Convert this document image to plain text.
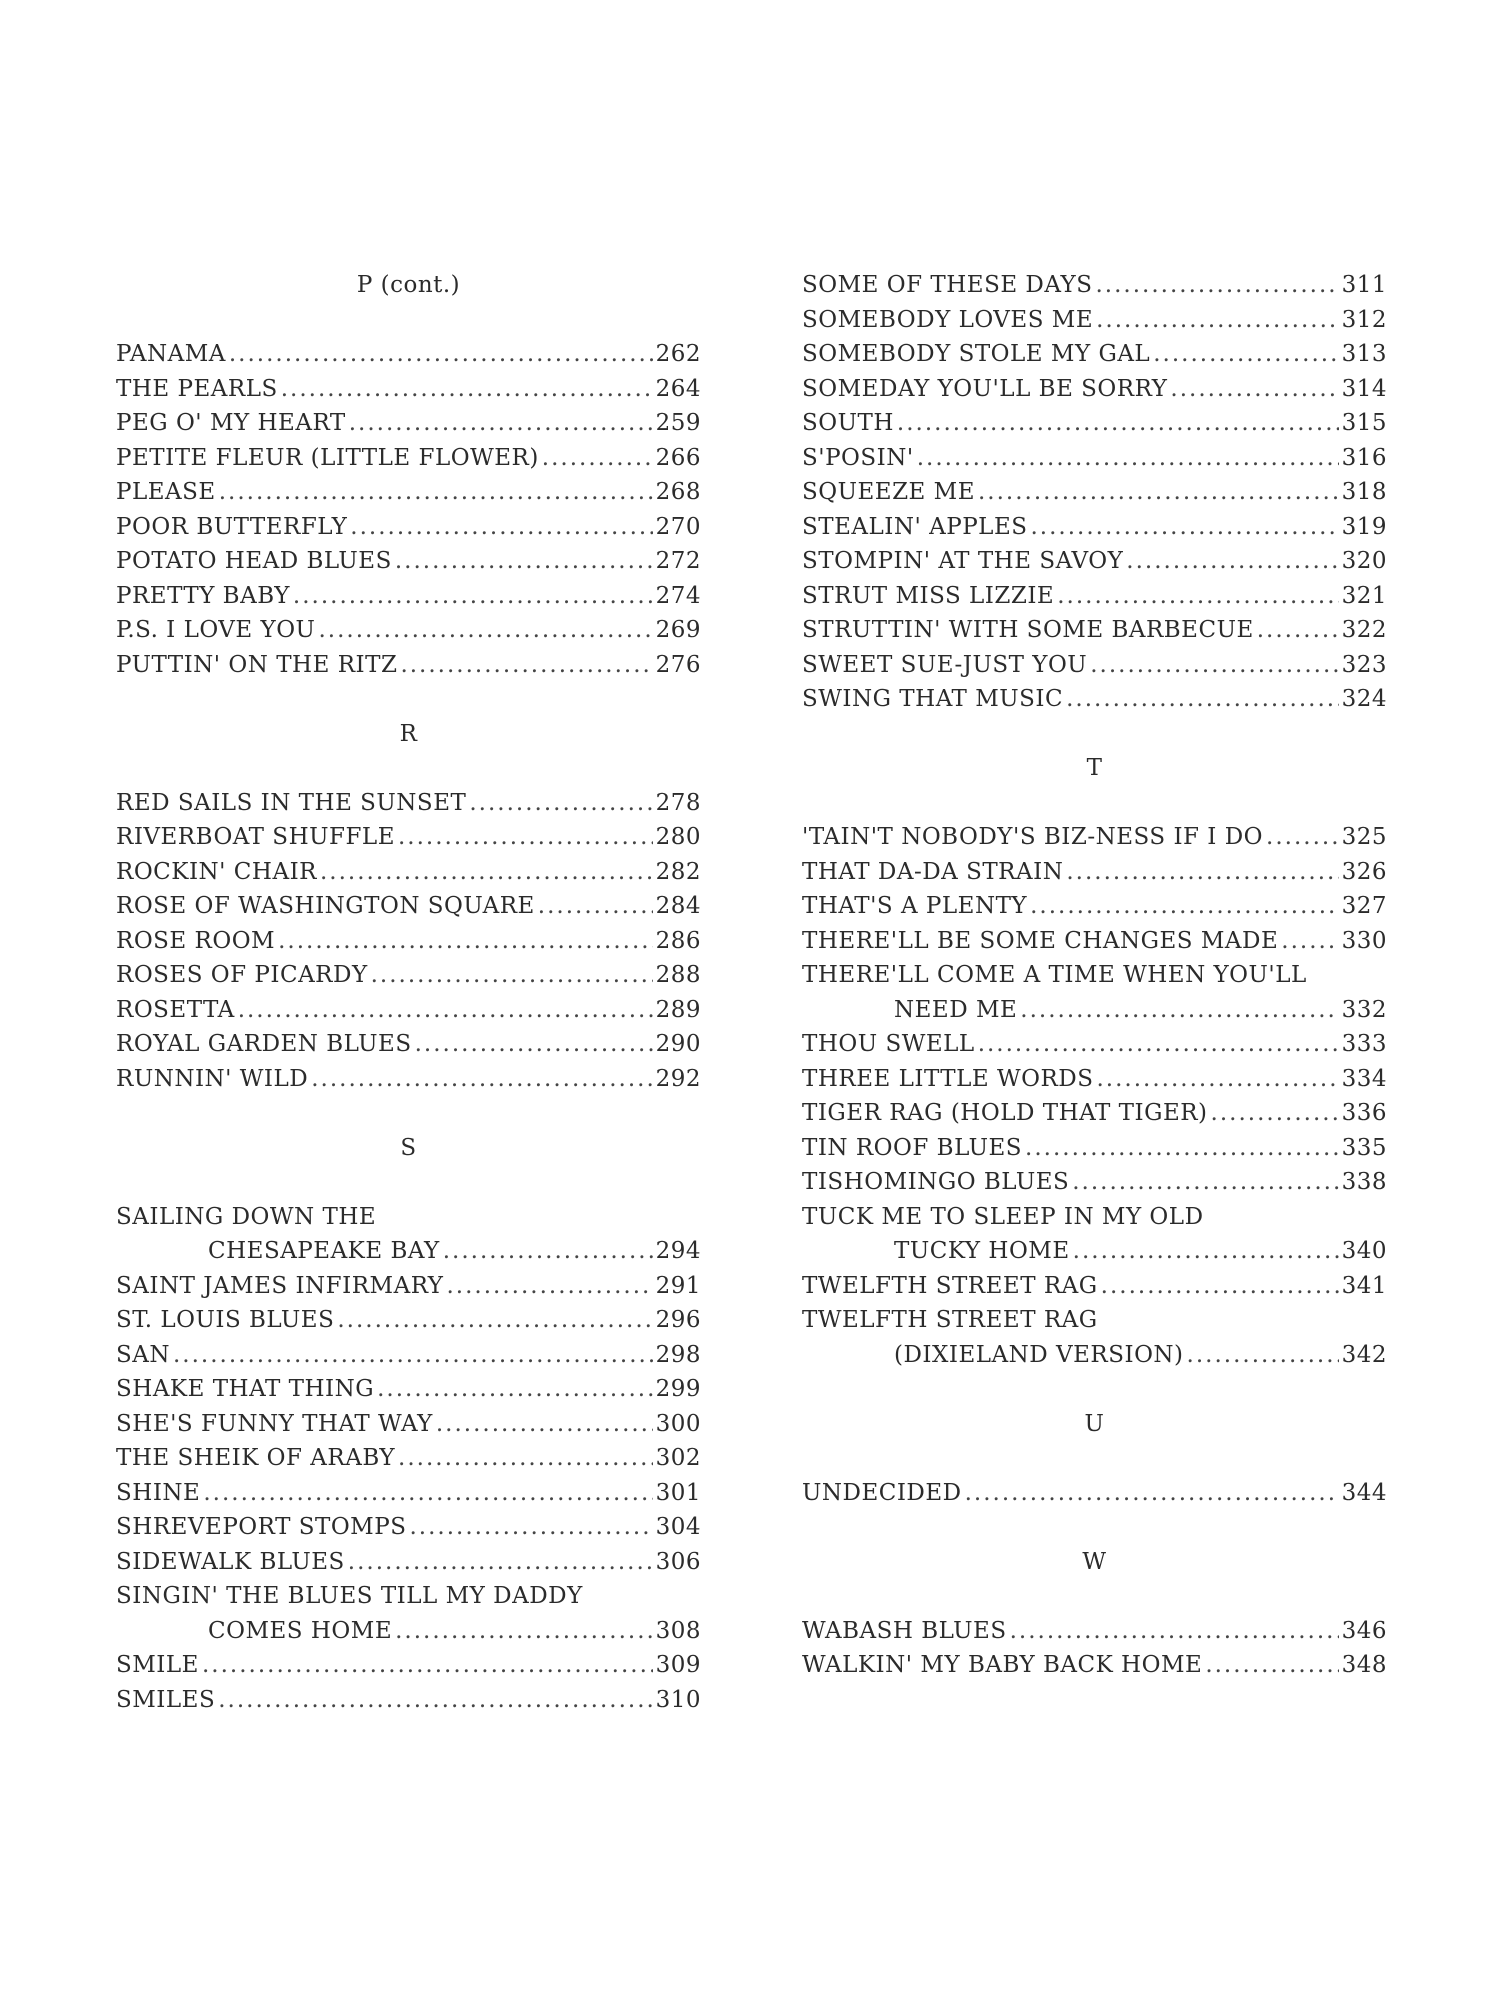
P (cont.)
PANAMA .....	262
THE PEARLS .....	264
PEG O' MY HEART .....	259
PETITE FLEUR (LITTLE FLOWER) .....	266
PLEASE .....	268
POOR BUTTERFLY .....	270
POTATO HEAD BLUES .....	272
PRETTY BABY .....	274
P.S. I LOVE YOU .....	269
PUTTIN' ON THE RITZ .....	276
R
RED SAILS IN THE SUNSET .....	278
RIVERBOAT SHUFFLE .....	280
ROCKIN' CHAIR .....	282
ROSE OF WASHINGTON SQUARE .....	284
ROSE ROOM .....	286
ROSES OF PICARDY .....	288
ROSETTA .....	289
ROYAL GARDEN BLUES .....	290
RUNNIN' WILD .....	292
S
SAILING DOWN THE
CHESAPEAKE BAY .....	294
SAINT JAMES INFIRMARY .....	291
ST. LOUIS BLUES .....	296
SAN .....	298
SHAKE THAT THING .....	299
SHE'S FUNNY THAT WAY .....	300
THE SHEIK OF ARABY .....	302
SHINE .....	301
SHREVEPORT STOMPS .....	304
SIDEWALK BLUES .....	306
SINGIN' THE BLUES TILL MY DADDY
COMES HOME .....	308
SMILE .....	309
SMILES .....	310
SOME OF THESE DAYS .....	311
SOMEBODY LOVES ME .....	312
SOMEBODY STOLE MY GAL .....	313
SOMEDAY YOU'LL BE SORRY .....	314
SOUTH .....	315
S'POSIN' .....	316
SQUEEZE ME .....	318
STEALIN' APPLES .....	319
STOMPIN' AT THE SAVOY .....	320
STRUT MISS LIZZIE .....	321
STRUTTIN' WITH SOME BARBECUE .....	322
SWEET SUE-JUST YOU .....	323
SWING THAT MUSIC .....	324
T
'TAIN'T NOBODY'S BIZ-NESS IF I DO .....	325
THAT DA-DA STRAIN .....	326
THAT'S A PLENTY .....	327
THERE'LL BE SOME CHANGES MADE .....	330
THERE'LL COME A TIME WHEN YOU'LL
NEED ME .....	332
THOU SWELL .....	333
THREE LITTLE WORDS .....	334
TIGER RAG (HOLD THAT TIGER) .....	336
TIN ROOF BLUES .....	335
TISHOMINGO BLUES .....	338
TUCK ME TO SLEEP IN MY OLD
TUCKY HOME .....	340
TWELFTH STREET RAG .....	341
TWELFTH STREET RAG
(DIXIELAND VERSION) .....	342
U
UNDECIDED .....	344
W
WABASH BLUES .....	346
WALKIN' MY BABY BACK HOME .....	348
